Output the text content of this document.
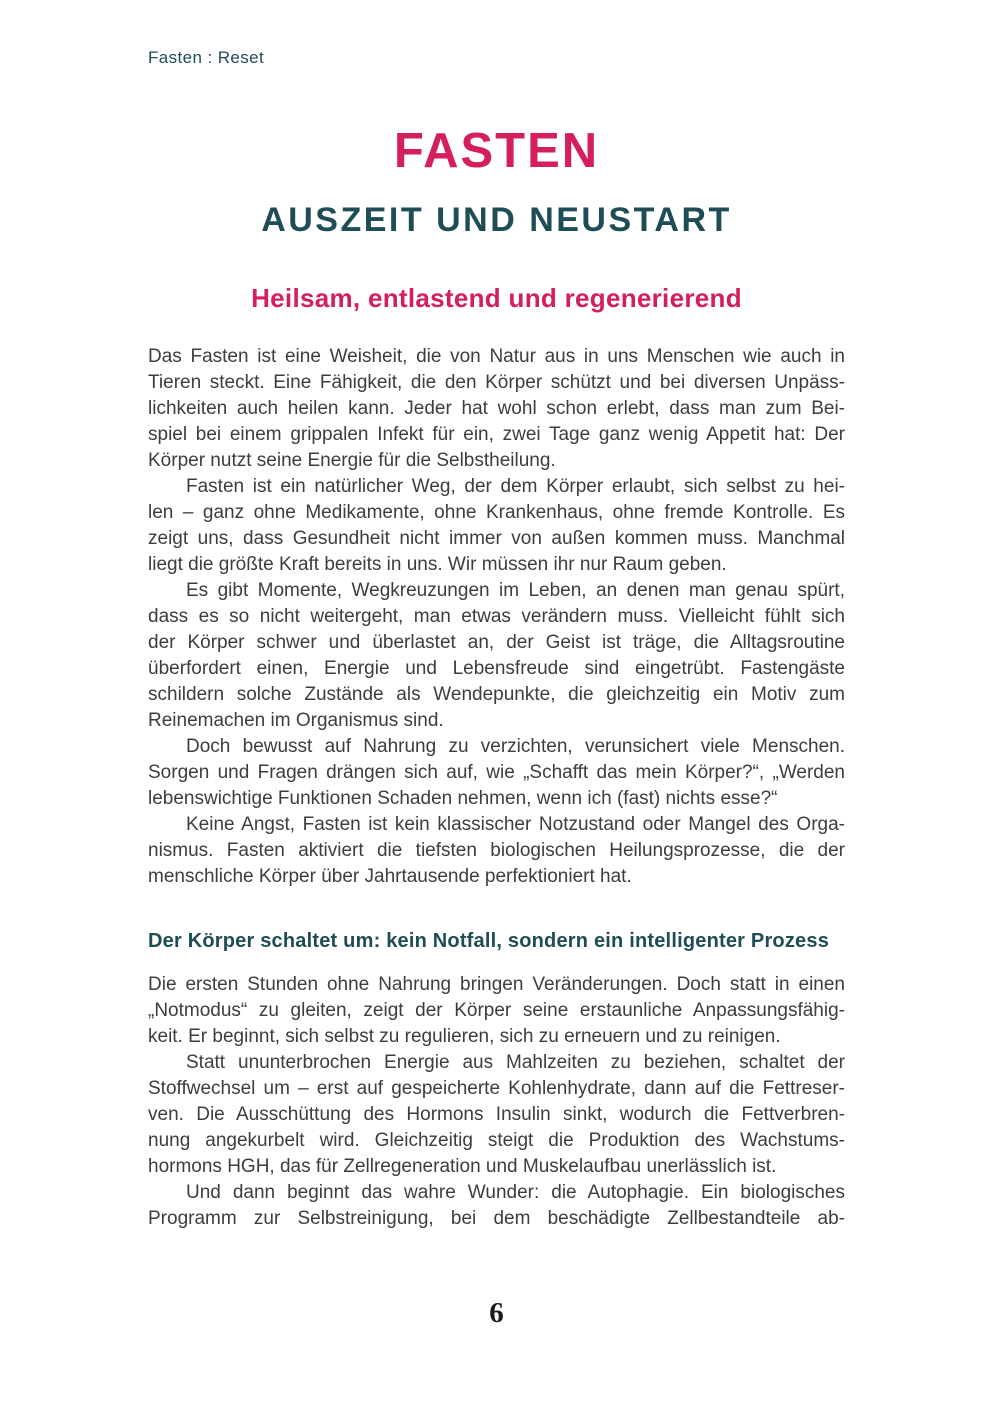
Fasten : Reset
FASTEN
AUSZEIT UND NEUSTART
Heilsam, entlastend und regenerierend
Das Fasten ist eine Weisheit, die von Natur aus in uns Menschen wie auch in
Tieren steckt. Eine Fähigkeit, die den Körper schützt und bei diversen Unpäss-
lichkeiten auch heilen kann. Jeder hat wohl schon erlebt, dass man zum Bei-
spiel bei einem grippalen Infekt für ein, zwei Tage ganz wenig Appetit hat: Der
Körper nutzt seine Energie für die Selbstheilung.
Fasten ist ein natürlicher Weg, der dem Körper erlaubt, sich selbst zu hei-
len – ganz ohne Medikamente, ohne Krankenhaus, ohne fremde Kontrolle. Es
zeigt uns, dass Gesundheit nicht immer von außen kommen muss. Manchmal
liegt die größte Kraft bereits in uns. Wir müssen ihr nur Raum geben.
Es gibt Momente, Wegkreuzungen im Leben, an denen man genau spürt,
dass es so nicht weitergeht, man etwas verändern muss. Vielleicht fühlt sich
der Körper schwer und überlastet an, der Geist ist träge, die Alltagsroutine
überfordert einen, Energie und Lebensfreude sind eingetrübt. Fastengäste
schildern solche Zustände als Wendepunkte, die gleichzeitig ein Motiv zum
Reinemachen im Organismus sind.
Doch bewusst auf Nahrung zu verzichten, verunsichert viele Menschen.
Sorgen und Fragen drängen sich auf, wie „Schafft das mein Körper?“, „Werden
lebenswichtige Funktionen Schaden nehmen, wenn ich (fast) nichts esse?“
Keine Angst, Fasten ist kein klassischer Notzustand oder Mangel des Orga-
nismus. Fasten aktiviert die tiefsten biologischen Heilungsprozesse, die der
menschliche Körper über Jahrtausende perfektioniert hat.
Der Körper schaltet um: kein Notfall, sondern ein intelligenter Prozess
Die ersten Stunden ohne Nahrung bringen Veränderungen. Doch statt in einen
„Notmodus“ zu gleiten, zeigt der Körper seine erstaunliche Anpassungsfähig-
keit. Er beginnt, sich selbst zu regulieren, sich zu erneuern und zu reinigen.
Statt ununterbrochen Energie aus Mahlzeiten zu beziehen, schaltet der
Stoffwechsel um – erst auf gespeicherte Kohlenhydrate, dann auf die Fettreser-
ven. Die Ausschüttung des Hormons Insulin sinkt, wodurch die Fettverbren-
nung angekurbelt wird. Gleichzeitig steigt die Produktion des Wachstums-
hormons HGH, das für Zellregeneration und Muskelaufbau unerlässlich ist.
Und dann beginnt das wahre Wunder: die Autophagie. Ein biologisches
Programm zur Selbstreinigung, bei dem beschädigte Zellbestandteile ab-
6
